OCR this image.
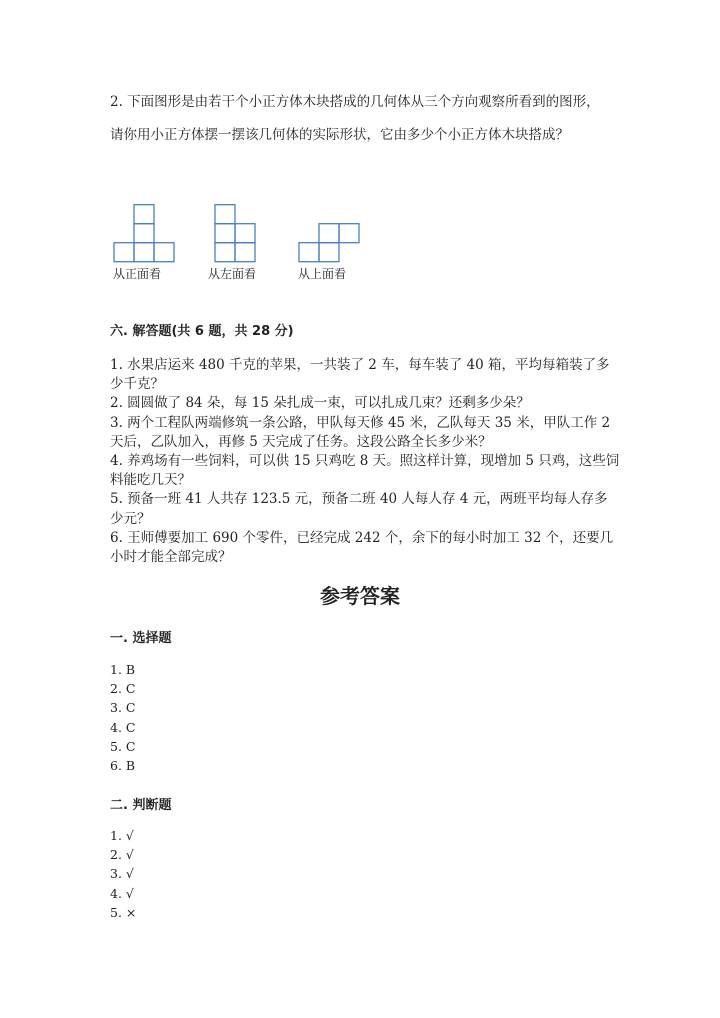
2. 下面图形是由若干个小正方体木块搭成的几何体从三个方向观察所看到的图形，请你用小正方体摆一摆该几何体的实际形状，它由多少个小正方体木块搭成？
从正面看	从左面看	从上面看
六. 解答题(共 6 题，共 28 分)

1. 水果店运来 480 千克的苹果，一共装了 2 车，每车装了 40 箱，平均每箱装了多少千克？

2. 圆圆做了 84 朵，每 15 朵扎成一束，可以扎成几束？还剩多少朵？

3. 两个工程队两端修筑一条公路，甲队每天修 45 米，乙队每天 35 米，甲队工作 2 天后，乙队加入，再修 5 天完成了任务。这段公路全长多少米？

4. 养鸡场有一些饲料，可以供 15 只鸡吃 8 天。照这样计算，现增加 5 只鸡，这些饲料能吃几天？

5. 预备一班 41 人共存 123.5 元，预备二班 40 人每人存 4 元，两班平均每人存多少元？

6. 王师傅要加工 690 个零件，已经完成 242 个，余下的每小时加工 32 个，还要几小时才能全部完成？

参考答案
一. 选择题

1. B

2. C

3. C

4. C

5. C

6. B

二. 判断题

1. √

2. √

3. √

4. √

5. ×
